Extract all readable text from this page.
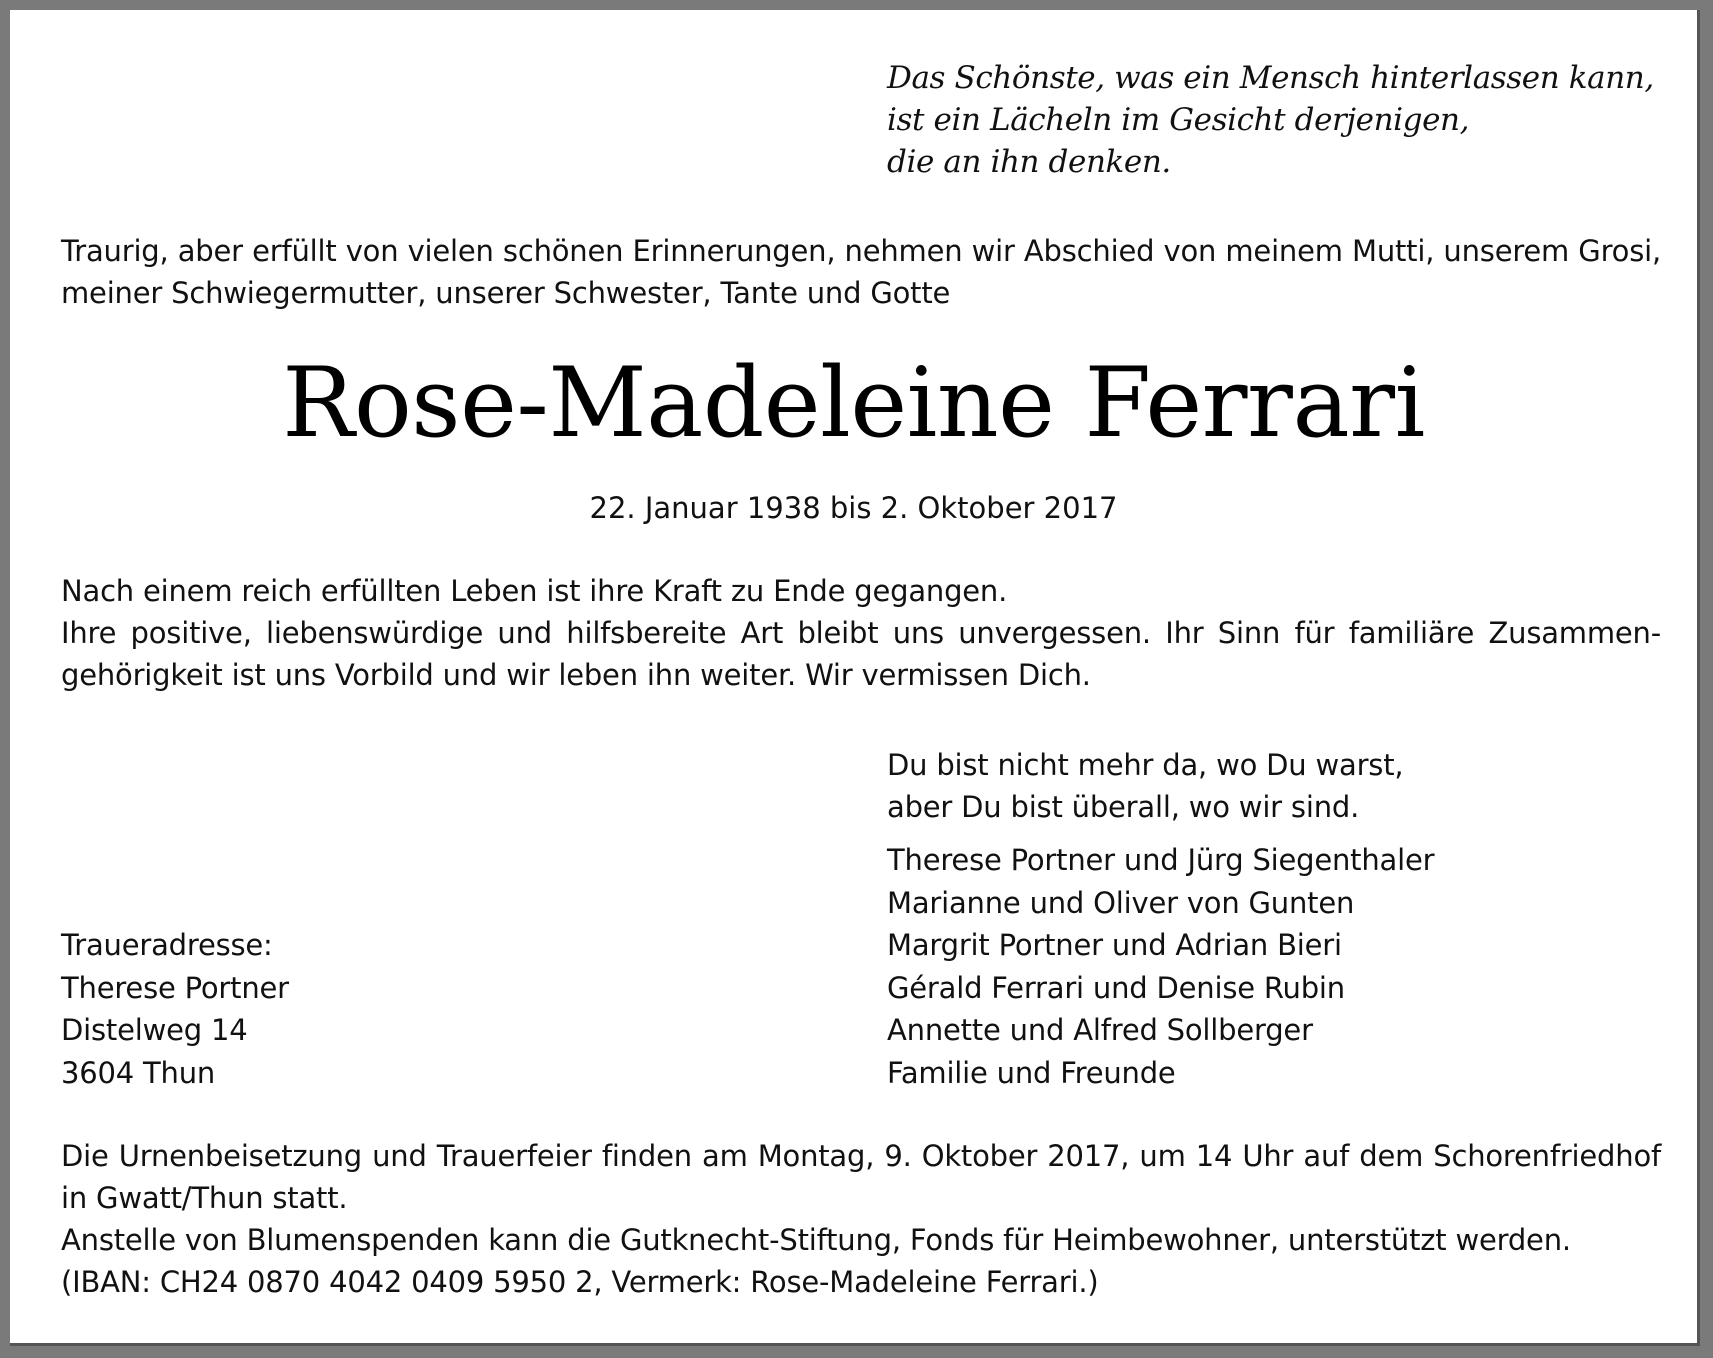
Das Schönste, was ein Mensch hinterlassen kann,
ist ein Lächeln im Gesicht derjenigen,
die an ihn denken.
Traurig, aber erfüllt von vielen schönen Erinnerungen, nehmen wir Abschied von meinem Mutti, unserem Grosi, meiner Schwiegermutter, unserer Schwester, Tante und Gotte
Rose-Madeleine Ferrari
22. Januar 1938 bis 2. Oktober 2017
Nach einem reich erfüllten Leben ist ihre Kraft zu Ende gegangen.
Ihre positive, liebenswürdige und hilfsbereite Art bleibt uns unvergessen. Ihr Sinn für familiäre Zusammen-gehörigkeit ist uns Vorbild und wir leben ihn weiter. Wir vermissen Dich.
Du bist nicht mehr da, wo Du warst,
aber Du bist überall, wo wir sind.
Therese Portner und Jürg Siegenthaler
Marianne und Oliver von Gunten
Margrit Portner und Adrian Bieri
Gérald Ferrari und Denise Rubin
Annette und Alfred Sollberger
Familie und Freunde
Traueradresse:
Therese Portner
Distelweg 14
3604 Thun
Die Urnenbeisetzung und Trauerfeier finden am Montag, 9. Oktober 2017, um 14 Uhr auf dem Schorenfriedhof in Gwatt/Thun statt.
Anstelle von Blumenspenden kann die Gutknecht-Stiftung, Fonds für Heimbewohner, unterstützt werden.
(IBAN: CH24 0870 4042 0409 5950 2, Vermerk: Rose-Madeleine Ferrari.)
